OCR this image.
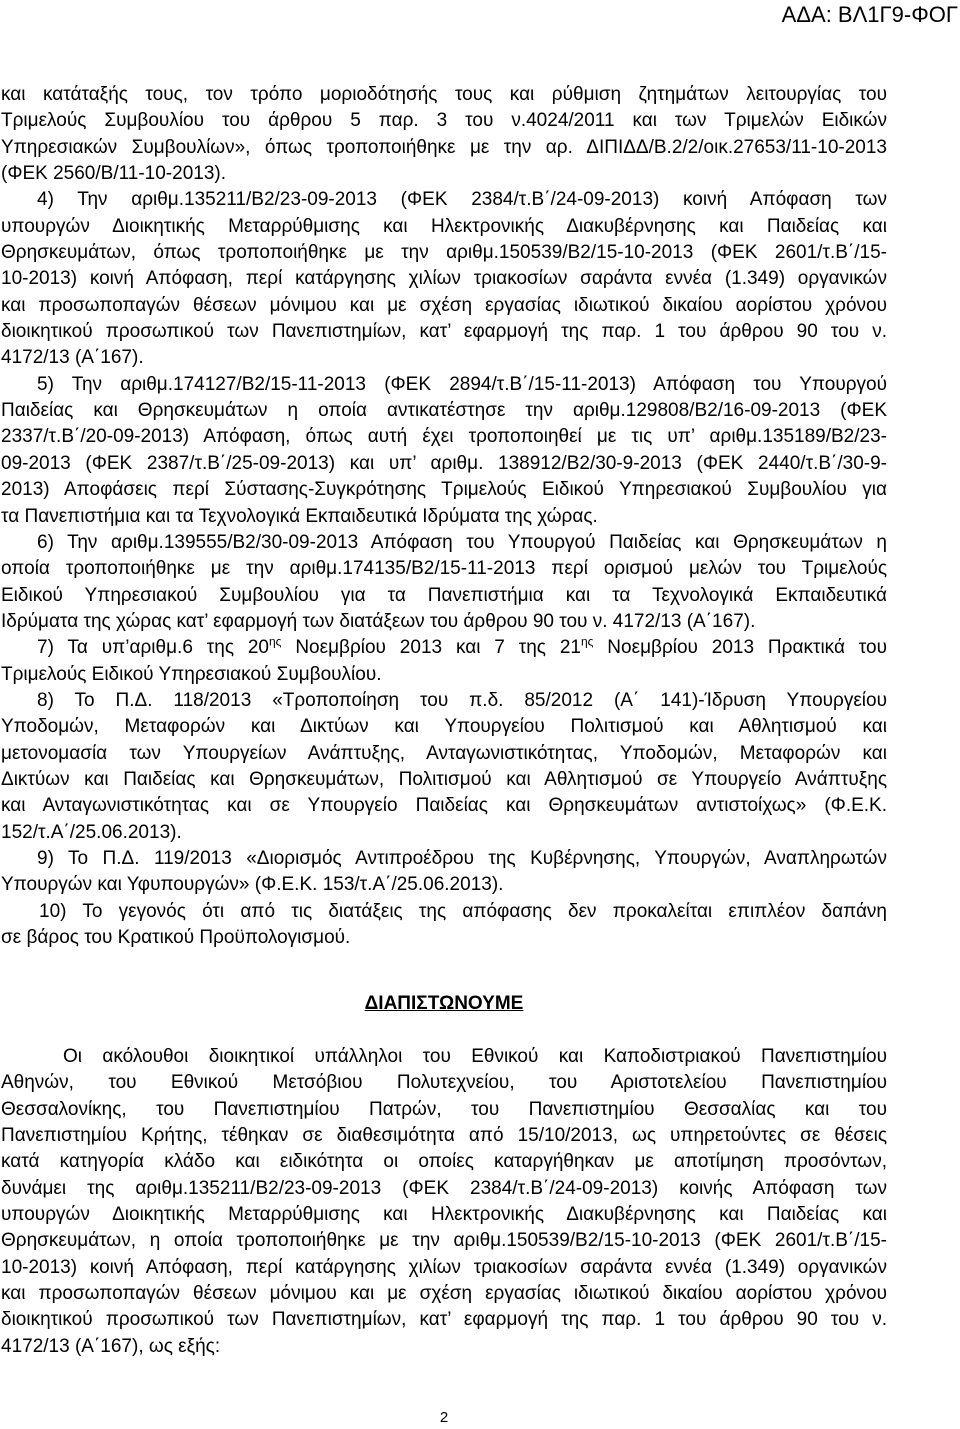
ΑΔΑ: ΒΛ1Γ9-ΦΟΓ
και κατάταξής τους, τον τρόπο μοριοδότησής τους και ρύθμιση ζητημάτων λειτουργίας του
Τριμελούς Συμβουλίου του άρθρου 5 παρ. 3 του ν.4024/2011 και των Τριμελών Ειδικών
Υπηρεσιακών Συμβουλίων», όπως τροποποιήθηκε με την αρ. ΔΙΠΙΔΔ/Β.2/2/οικ.27653/11-10-2013
(ΦΕΚ 2560/Β/11-10-2013).
4) Την αριθμ.135211/Β2/23-09-2013 (ΦΕΚ 2384/τ.Β΄/24-09-2013) κοινή Απόφαση των
υπουργών Διοικητικής Μεταρρύθμισης και Ηλεκτρονικής Διακυβέρνησης και Παιδείας και
Θρησκευμάτων, όπως τροποποιήθηκε με την αριθμ.150539/Β2/15-10-2013 (ΦΕΚ 2601/τ.Β΄/15-
10-2013) κοινή Απόφαση, περί κατάργησης χιλίων τριακοσίων σαράντα εννέα (1.349) οργανικών
και προσωποπαγών θέσεων μόνιμου και με σχέση εργασίας ιδιωτικού δικαίου αορίστου χρόνου
διοικητικού προσωπικού των Πανεπιστημίων, κατ’ εφαρμογή της παρ. 1 του άρθρου 90 του ν.
4172/13 (Α΄167).
5) Την αριθμ.174127/Β2/15-11-2013 (ΦΕΚ 2894/τ.Β΄/15-11-2013) Απόφαση του Υπουργού
Παιδείας και Θρησκευμάτων η οποία αντικατέστησε την αριθμ.129808/Β2/16-09-2013 (ΦΕΚ
2337/τ.Β΄/20-09-2013) Απόφαση, όπως αυτή έχει τροποποιηθεί με τις υπ’ αριθμ.135189/Β2/23-
09-2013 (ΦΕΚ 2387/τ.Β΄/25-09-2013) και υπ’ αριθμ. 138912/Β2/30-9-2013 (ΦΕΚ 2440/τ.Β΄/30-9-
2013) Αποφάσεις περί Σύστασης-Συγκρότησης Τριμελούς Ειδικού Υπηρεσιακού Συμβουλίου για
τα Πανεπιστήμια και τα Τεχνολογικά Εκπαιδευτικά Ιδρύματα της χώρας.
6) Την αριθμ.139555/Β2/30-09-2013 Απόφαση του Υπουργού Παιδείας και Θρησκευμάτων η
οποία τροποποιήθηκε με την αριθμ.174135/Β2/15-11-2013 περί ορισμού μελών του Τριμελούς
Ειδικού Υπηρεσιακού Συμβουλίου για τα Πανεπιστήμια και τα Τεχνολογικά Εκπαιδευτικά
Ιδρύματα της χώρας κατ’ εφαρμογή των διατάξεων του άρθρου 90 του ν. 4172/13 (Α΄167).
7) Τα υπ’αριθμ.6 της $20^{\eta\varsigma}$ Νοεμβρίου 2013 και 7 της $21^{\eta\varsigma}$ Νοεμβρίου 2013 Πρακτικά του
Τριμελούς Ειδικού Υπηρεσιακού Συμβουλίου.
8) Το Π.Δ. 118/2013 «Τροποποίηση του π.δ. 85/2012 (Α΄ 141)-Ίδρυση Υπουργείου
Υποδομών, Μεταφορών και Δικτύων και Υπουργείου Πολιτισμού και Αθλητισμού και
μετονομασία των Υπουργείων Ανάπτυξης, Ανταγωνιστικότητας, Υποδομών, Μεταφορών και
Δικτύων και Παιδείας και Θρησκευμάτων, Πολιτισμού και Αθλητισμού σε Υπουργείο Ανάπτυξης
και Ανταγωνιστικότητας και σε Υπουργείο Παιδείας και Θρησκευμάτων αντιστοίχως» (Φ.Ε.Κ.
152/τ.Α΄/25.06.2013).
9) Το Π.Δ. 119/2013 «Διορισμός Αντιπροέδρου της Κυβέρνησης, Υπουργών, Αναπληρωτών
Υπουργών και Υφυπουργών» (Φ.Ε.Κ. 153/τ.Α΄/25.06.2013).
10) Το γεγονός ότι από τις διατάξεις της απόφασης δεν προκαλείται επιπλέον δαπάνη
σε βάρος του Κρατικού Προϋπολογισμού.
ΔΙΑΠΙΣΤΩΝΟΥΜΕ
Οι ακόλουθοι διοικητικοί υπάλληλοι του Εθνικού και Καποδιστριακού Πανεπιστημίου
Αθηνών, του Εθνικού Μετσόβιου Πολυτεχνείου, του Αριστοτελείου Πανεπιστημίου
Θεσσαλονίκης, του Πανεπιστημίου Πατρών, του Πανεπιστημίου Θεσσαλίας και του
Πανεπιστημίου Κρήτης, τέθηκαν σε διαθεσιμότητα από 15/10/2013, ως υπηρετούντες σε θέσεις
κατά κατηγορία κλάδο και ειδικότητα οι οποίες καταργήθηκαν με αποτίμηση προσόντων,
δυνάμει της αριθμ.135211/Β2/23-09-2013 (ΦΕΚ 2384/τ.Β΄/24-09-2013) κοινής Απόφαση των
υπουργών Διοικητικής Μεταρρύθμισης και Ηλεκτρονικής Διακυβέρνησης και Παιδείας και
Θρησκευμάτων, η οποία τροποποιήθηκε με την αριθμ.150539/Β2/15-10-2013 (ΦΕΚ 2601/τ.Β΄/15-
10-2013) κοινή Απόφαση, περί κατάργησης χιλίων τριακοσίων σαράντα εννέα (1.349) οργανικών
και προσωποπαγών θέσεων μόνιμου και με σχέση εργασίας ιδιωτικού δικαίου αορίστου χρόνου
διοικητικού προσωπικού των Πανεπιστημίων, κατ’ εφαρμογή της παρ. 1 του άρθρου 90 του ν.
4172/13 (Α΄167), ως εξής:
2
